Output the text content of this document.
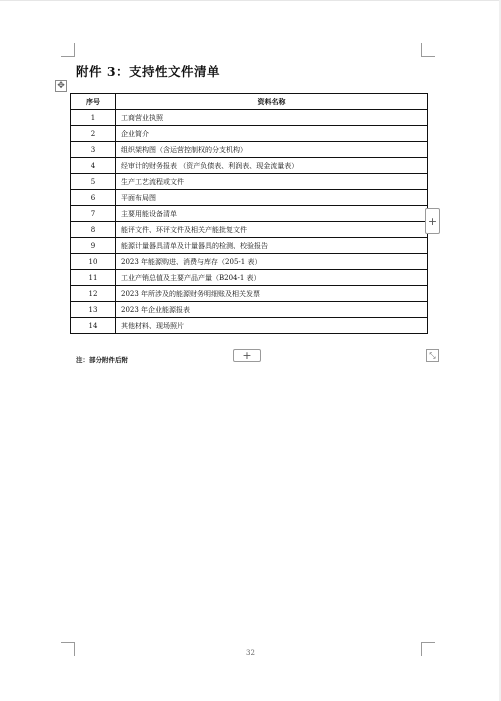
附件 3：支持性文件清单
✥
序号	资料名称
1	工商营业执照
2	企业简介
3	组织架构图（含运营控制权的分支机构）
4	经审计的财务报表 （资产负债表、利润表、现金流量表）
5	生产工艺流程或文件
6	平面布局图
7	主要用能设备清单
8	能评文件、环评文件及相关产能批复文件
9	能源计量器具清单及计量器具的检测、校验报告
10	2023 年能源购进、消费与库存（205-1 表）
11	工业产销总值及主要产品产量（B204-1 表）
12	2023 年所涉及的能源财务明细账及相关发票
13	2023 年企业能源报表
14	其他材料、现场照片
+
注：部分附件后附	+	⤡
32
